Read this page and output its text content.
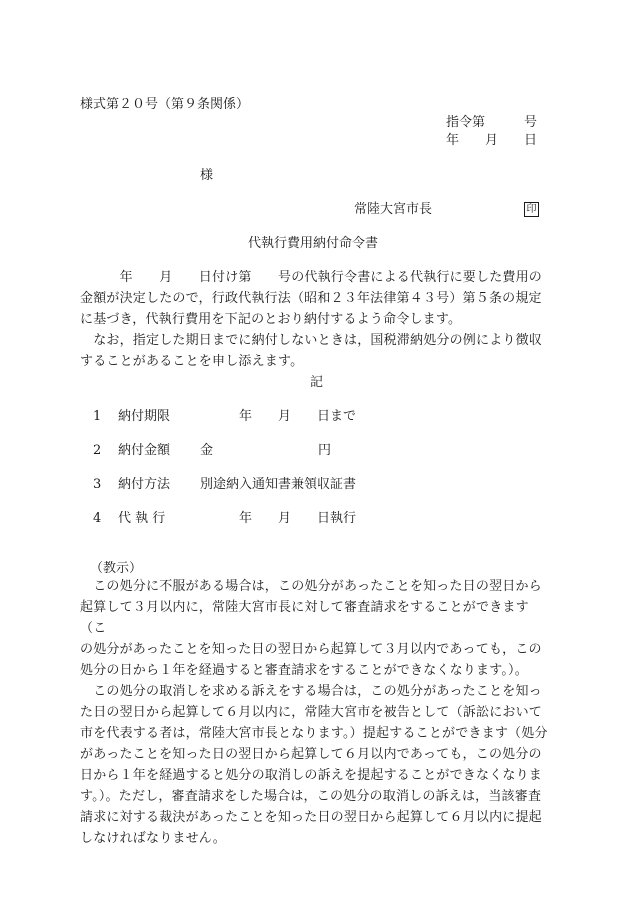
様式第２０号（第９条関係）
指令第　　　号
年　　月　　日
様
常陸大宮市長	印
代執行費用納付命令書

　　　年　　月　　日付け第　　号の代執行令書による代執行に要した費用の

金額が決定したので，行政代執行法（昭和２３年法律第４３号）第５条の規定

に基づき，代執行費用を下記のとおり納付するよう命令します。

　なお，指定した期日までに納付しないときは，国税滞納処分の例により徴収

することがあることを申し添えます。

記
1 納付期限	年　　月　　日まで
2 納付金額 金	円
3 納付方法 別途納入通知書兼領収証書
4 代 執 行	年　　月　　日執行
（教示）

　この処分に不服がある場合は，この処分があったことを知った日の翌日から

起算して３月以内に，常陸大宮市長に対して審査請求をすることができます（こ

の処分があったことを知った日の翌日から起算して３月以内であっても，この

処分の日から１年を経過すると審査請求をすることができなくなります。）。

　この処分の取消しを求める訴えをする場合は，この処分があったことを知っ

た日の翌日から起算して６月以内に，常陸大宮市を被告として（訴訟において

市を代表する者は，常陸大宮市長となります。）提起することができます（処分

があったことを知った日の翌日から起算して６月以内であっても，この処分の

日から１年を経過すると処分の取消しの訴えを提起することができなくなりま

す。）。ただし，審査請求をした場合は，この処分の取消しの訴えは，当該審査

請求に対する裁決があったことを知った日の翌日から起算して６月以内に提起

しなければなりません。
